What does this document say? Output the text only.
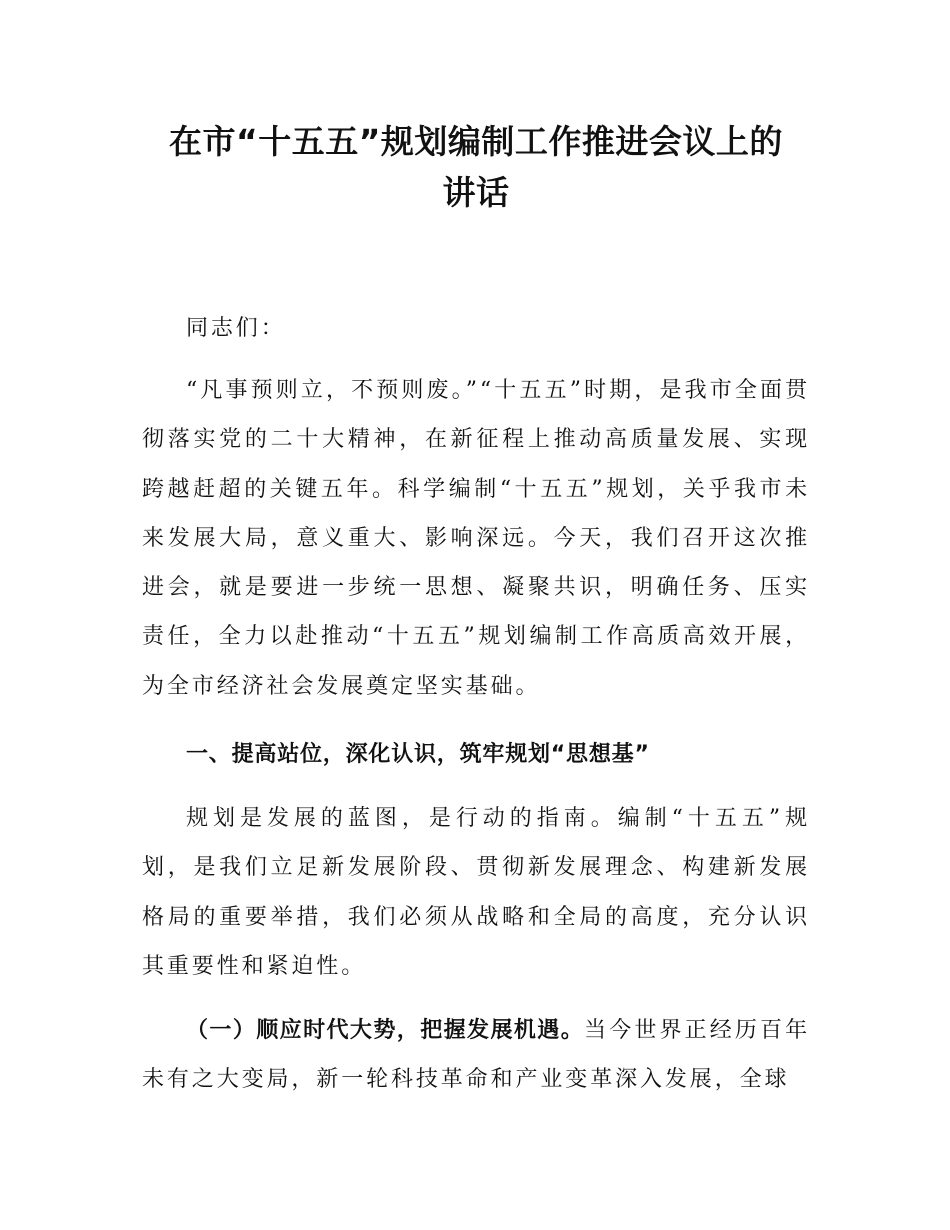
在市“十五五”规划编制工作推进会议上的
讲话

同志们：

“凡事预则立，不预则废。”“十五五”时期，是我市全面贯彻落实党的二十大精神，在新征程上推动高质量发展、实现跨越赶超的关键五年。科学编制“十五五”规划，关乎我市未来发展大局，意义重大、影响深远。今天，我们召开这次推进会，就是要进一步统一思想、凝聚共识，明确任务、压实责任，全力以赴推动“十五五”规划编制工作高质高效开展，为全市经济社会发展奠定坚实基础。

一、提高站位，深化认识，筑牢规划“思想基”

规划是发展的蓝图，是行动的指南。编制“十五五”规划，是我们立足新发展阶段、贯彻新发展理念、构建新发展格局的重要举措，我们必须从战略和全局的高度，充分认识其重要性和紧迫性。

（一）顺应时代大势，把握发展机遇。当今世界正经历百年未有之大变局，新一轮科技革命和产业变革深入发展，全球
